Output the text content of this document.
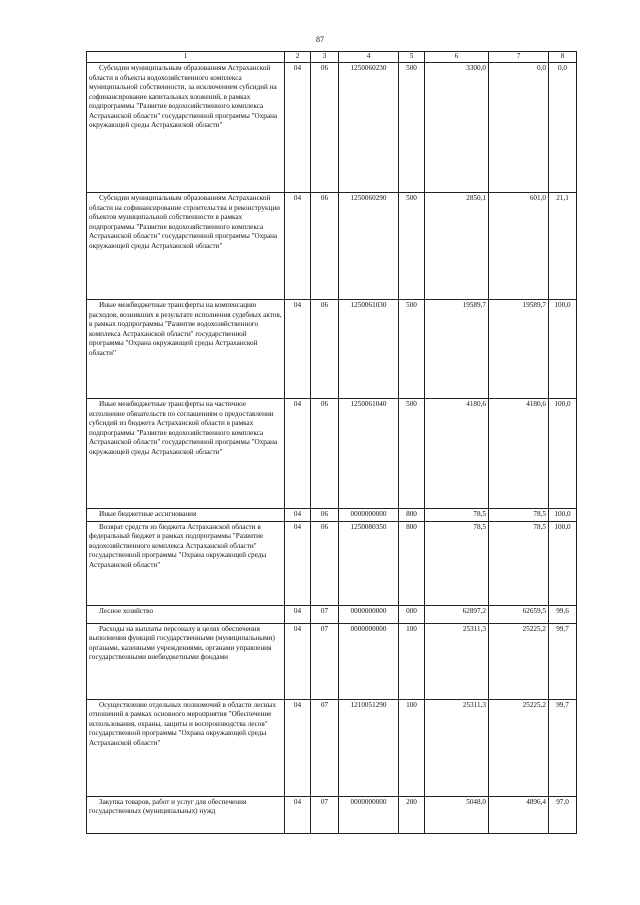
87
1	2	3	4	5	6	7	8
Субсидии муниципальным образованиям Астраханской области в объекты водохозяйственного комплекса муниципальной собственности, за исключением субсидий на софинансирование капитальных вложений, в рамках подпрограммы "Развитие водохозяйственного комплекса Астраханской области" государственной программы "Охрана окружающей среды Астраханской области"	04	06	1250060230	500	3300,0	0,0	0,0
Субсидии муниципальным образованиям Астраханской области на софинансирование строительства и реконструкции объектов муниципальной собственности в рамках подпрограммы "Развитие водохозяйственного комплекса Астраханской области" государственной программы "Охрана окружающей среды Астраханской области"	04	06	1250060290	500	2850,1	601,0	21,1
Иные межбюджетные трансферты на компенсацию расходов, возникших в результате исполнения судебных актов, в рамках подпрограммы "Развитие водохозяйственного комплекса Астраханской области" государственной программы "Охрана окружающей среды Астраханской области"	04	06	1250061030	500	19589,7	19589,7	100,0
Иные межбюджетные трансферты на частичное исполнение обязательств по соглашениям о предоставлении субсидий из бюджета Астраханской области в рамках подпрограммы "Развитие водохозяйственного комплекса Астраханской области" государственной программы "Охрана окружающей среды Астраханской области"	04	06	1250061040	500	4180,6	4180,6	100,0
Иные бюджетные ассигнования	04	06	0000000000	800	78,5	78,5	100,0
Возврат средств из бюджета Астраханской области в федеральный бюджет в рамках подпрограммы "Развитие водохозяйственного комплекса Астраханской области" государственной программы "Охрана окружающей среды Астраханской области"	04	06	1250080350	800	78,5	78,5	100,0
Лесное хозяйство	04	07	0000000000	000	62897,2	62659,5	99,6
Расходы на выплаты персоналу в целях обеспечения выполнения функций государственными (муниципальными) органами, казенными учреждениями, органами управления государственными внебюджетными фондами	04	07	0000000000	100	25311,3	25225,2	99,7
Осуществление отдельных полномочий в области лесных отношений в рамках основного мероприятия "Обеспечение использования, охраны, защиты и воспроизводства лесов" государственной программы "Охрана окружающей среды Астраханской области"	04	07	1210051290	100	25311,3	25225,2	99,7
Закупка товаров, работ и услуг для обеспечения государственных (муниципальных) нужд	04	07	0000000000	200	5048,0	4896,4	97,0
